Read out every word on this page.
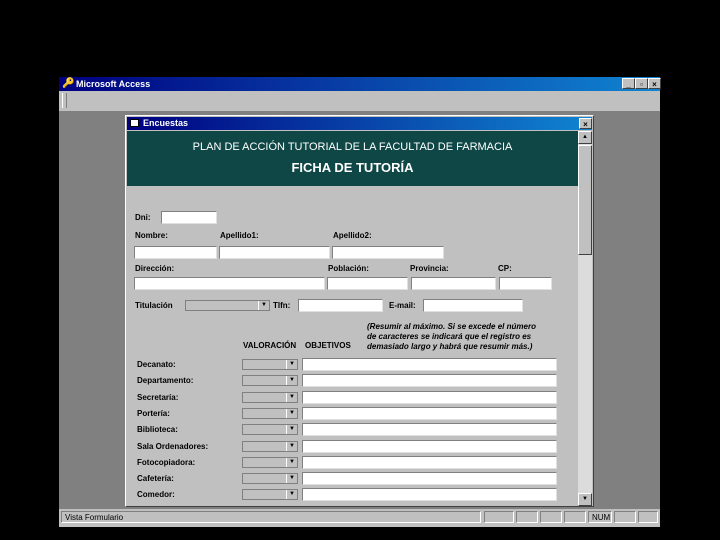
🔑 Microsoft Access	_	▫	×
Vista Formulario	NUM
Encuestas	×
PLAN DE ACCIÓN TUTORIAL DE LA FACULTAD DE FARMACIA
FICHA DE TUTORÍA
Dni:
Nombre:	Apellido1:	Apellido2:
Dirección:	Población:	Provincia:	CP:
Titulación	▼ Tlfn:	E-mail:
(Resumir al máximo. Si se excede el número
de caracteres se indicará que el registro es
demasiado largo y habrá que resumir más.)
VALORACIÓN OBJETIVOS
Decanato:	▼
Departamento:	▼
Secretaría:	▼
Portería:	▼
Biblioteca:	▼
Sala Ordenadores:	▼
Fotocopiadora:	▼
Cafetería:	▼
Comedor:	▼
▲
▼
